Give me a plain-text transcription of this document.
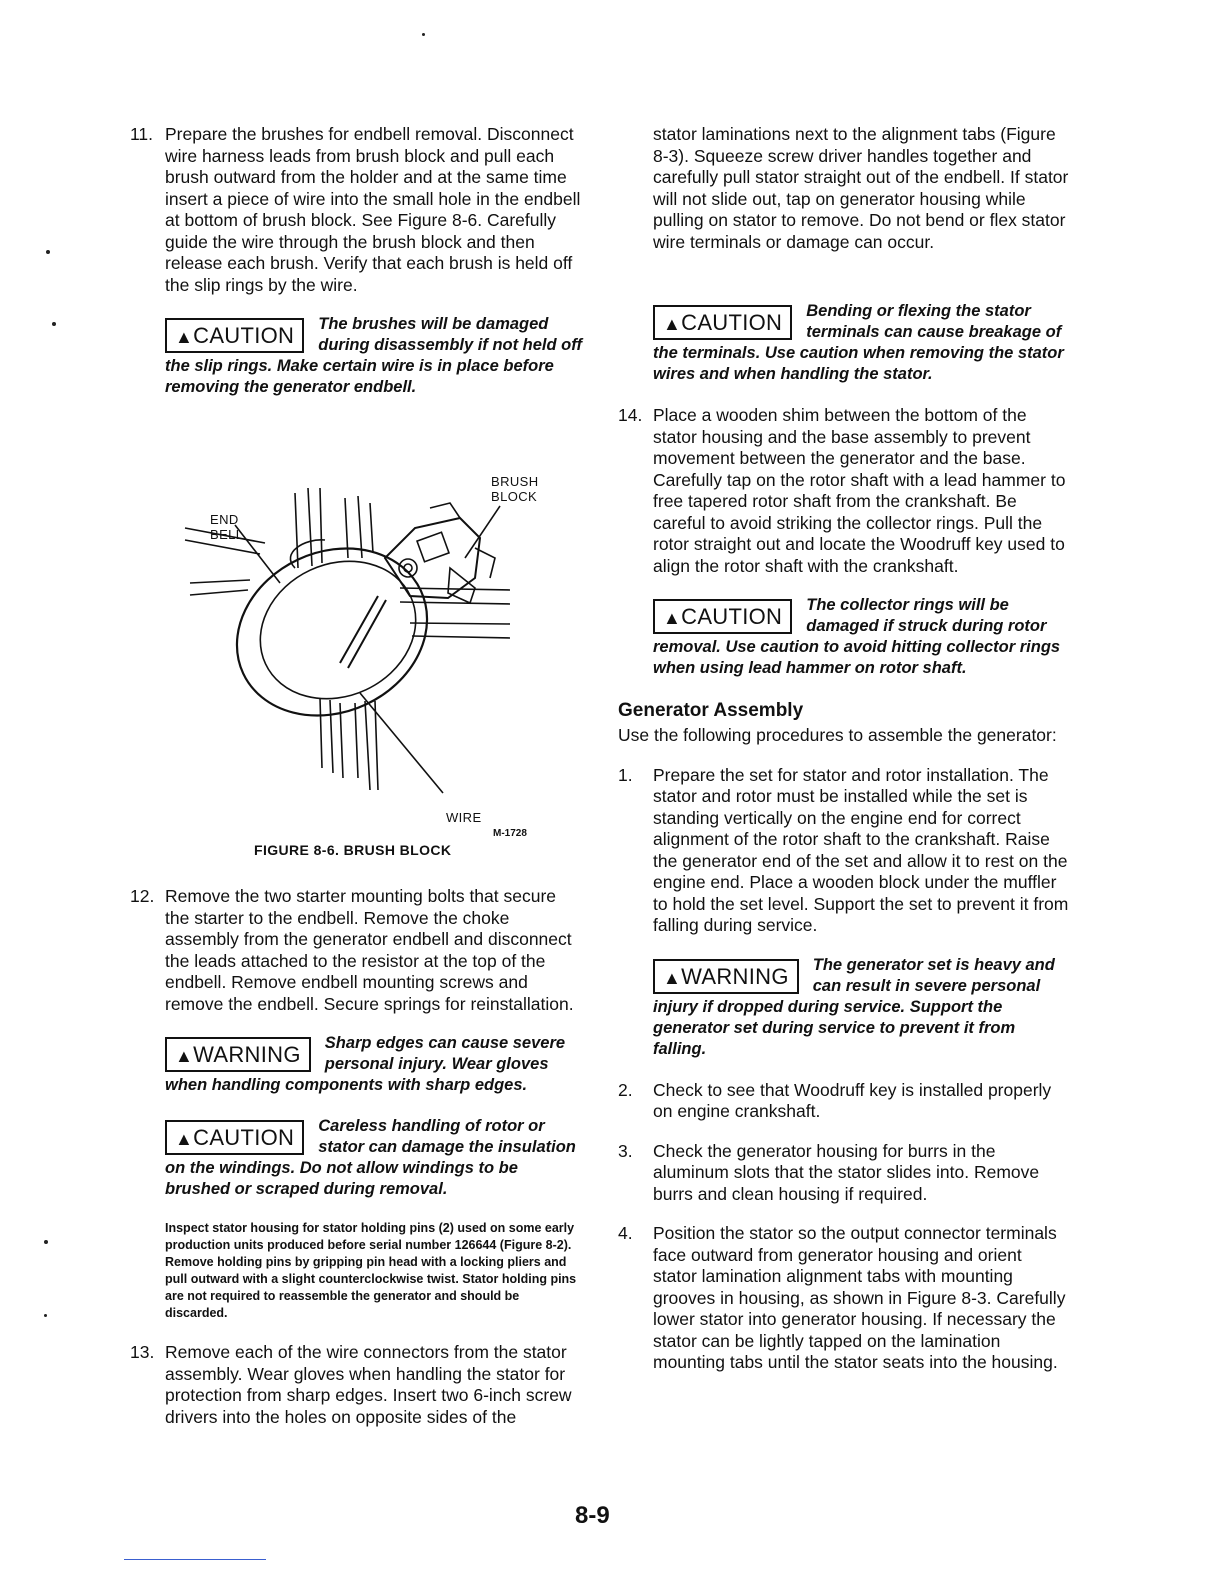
11. Prepare the brushes for endbell removal. Disconnect wire harness leads from brush block and pull each brush outward from the holder and at the same time insert a piece of wire into the small hole in the endbell at bottom of brush block. See Figure 8-6. Carefully guide the wire through the brush block and then release each brush. Verify that each brush is held off the slip rings by the wire.
▲CAUTION	The brushes will be damaged during disassembly if not held off the slip rings. Make certain wire is in place before removing the generator endbell.
BRUSH BLOCK
END BELL
WIRE
M-1728
FIGURE 8-6. BRUSH BLOCK
12. Remove the two starter mounting bolts that secure the starter to the endbell. Remove the choke assembly from the generator endbell and disconnect the leads attached to the resistor at the top of the endbell. Remove endbell mounting screws and remove the endbell. Secure springs for reinstallation.
▲WARNING	Sharp edges can cause severe personal injury. Wear gloves when handling components with sharp edges.
▲CAUTION	Careless handling of rotor or stator can damage the insulation on the windings. Do not allow windings to be brushed or scraped during removal.
Inspect stator housing for stator holding pins (2) used on some early production units produced before serial number 126644 (Figure 8-2). Remove holding pins by gripping pin head with a locking pliers and pull outward with a slight counterclockwise twist. Stator holding pins are not required to reassemble the generator and should be discarded.
13. Remove each of the wire connectors from the stator assembly. Wear gloves when handling the stator for protection from sharp edges. Insert two 6-inch screw drivers into the holes on opposite sides of the
stator laminations next to the alignment tabs (Figure 8-3). Squeeze screw driver handles together and carefully pull stator straight out of the endbell. If stator will not slide out, tap on generator housing while pulling on stator to remove. Do not bend or flex stator wire terminals or damage can occur.
▲CAUTION	Bending or flexing the stator terminals can cause breakage of the terminals. Use caution when removing the stator wires and when handling the stator.
14. Place a wooden shim between the bottom of the stator housing and the base assembly to prevent movement between the generator and the base. Carefully tap on the rotor shaft with a lead hammer to free tapered rotor shaft from the crankshaft. Be careful to avoid striking the collector rings. Pull the rotor straight out and locate the Woodruff key used to align the rotor shaft with the crankshaft.
▲CAUTION	The collector rings will be damaged if struck during rotor removal. Use caution to avoid hitting collector rings when using lead hammer on rotor shaft.
Generator Assembly
Use the following procedures to assemble the generator:
1.	Prepare the set for stator and rotor installation. The stator and rotor must be installed while the set is standing vertically on the engine end for correct alignment of the rotor shaft to the crankshaft. Raise the generator end of the set and allow it to rest on the engine end. Place a wooden block under the muffler to hold the set level. Support the set to prevent it from falling during service.
▲WARNING	The generator set is heavy and can result in severe personal injury if dropped during service. Support the generator set during service to prevent it from falling.
2.	Check to see that Woodruff key is installed properly on engine crankshaft.
3.	Check the generator housing for burrs in the aluminum slots that the stator slides into. Remove burrs and clean housing if required.
4.	Position the stator so the output connector terminals face outward from generator housing and orient stator lamination alignment tabs with mounting grooves in housing, as shown in Figure 8-3. Carefully lower stator into generator housing. If necessary the stator can be lightly tapped on the lamination mounting tabs until the stator seats into the housing.
8-9
